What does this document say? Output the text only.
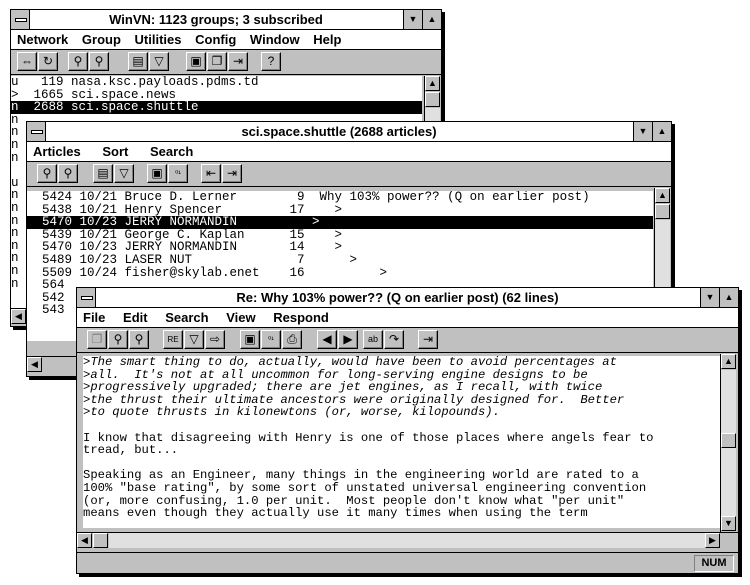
WinVN: 1123 groups; 3 subscribed	▼	▲
Network Group Utilities Config Window Help
⇔ ↻	⚲	⚲	▤ ▽	▣ ❐ ⇥	?
u   119 nasa.ksc.payloads.pdms.td
>  1665 sci.space.news
n  2688 sci.space.shuttle
n
n
n
n
u
n
n
n
n
n
n
n
n
▲
◀
sci.space.shuttle (2688 articles)	▼	▲
Articles Sort Search
⚲	⚲	▤ ▽	▣	⁰¹	⇤ ⇥
5424 10/21 Bruce D. Lerner        9  Why 103% power?? (Q on earlier post)
5438 10/21 Henry Spencer         17    >
5470 10/23 JERRY NORMANDIN          >
5439 10/21 George C. Kaplan      15    >
5470 10/23 JERRY NORMANDIN       14    >
5489 10/23 LASER NUT              7      >
5509 10/24 fisher@skylab.enet    16          >
564
542
543
▲
◀
Re: Why 103% power?? (Q on earlier post) (62 lines)	▼	▲
File Edit Search View Respond
❐ ⚲	⚲	RE ▽ ⇨	▣	⁰¹	⎙	◀ ▶	ab ↷	⇥
>The smart thing to do, actually, would have been to avoid percentages at
>all.  It's not at all uncommon for long-serving engine designs to be
>progressively upgraded; there are jet engines, as I recall, with twice
>the thrust their ultimate ancestors were originally designed for.  Better
>to quote thrusts in kilonewtons (or, worse, kilopounds).
I know that disagreeing with Henry is one of those places where angels fear to
tread, but...
Speaking as an Engineer, many things in the engineering world are rated to a
100% "base rating", by some sort of unstated universal engineering convention
(or, more confusing, 1.0 per unit.  Most people don't know what "per unit"
means even though they actually use it many times when using the term
▲
▼
◀	▶
NUM
